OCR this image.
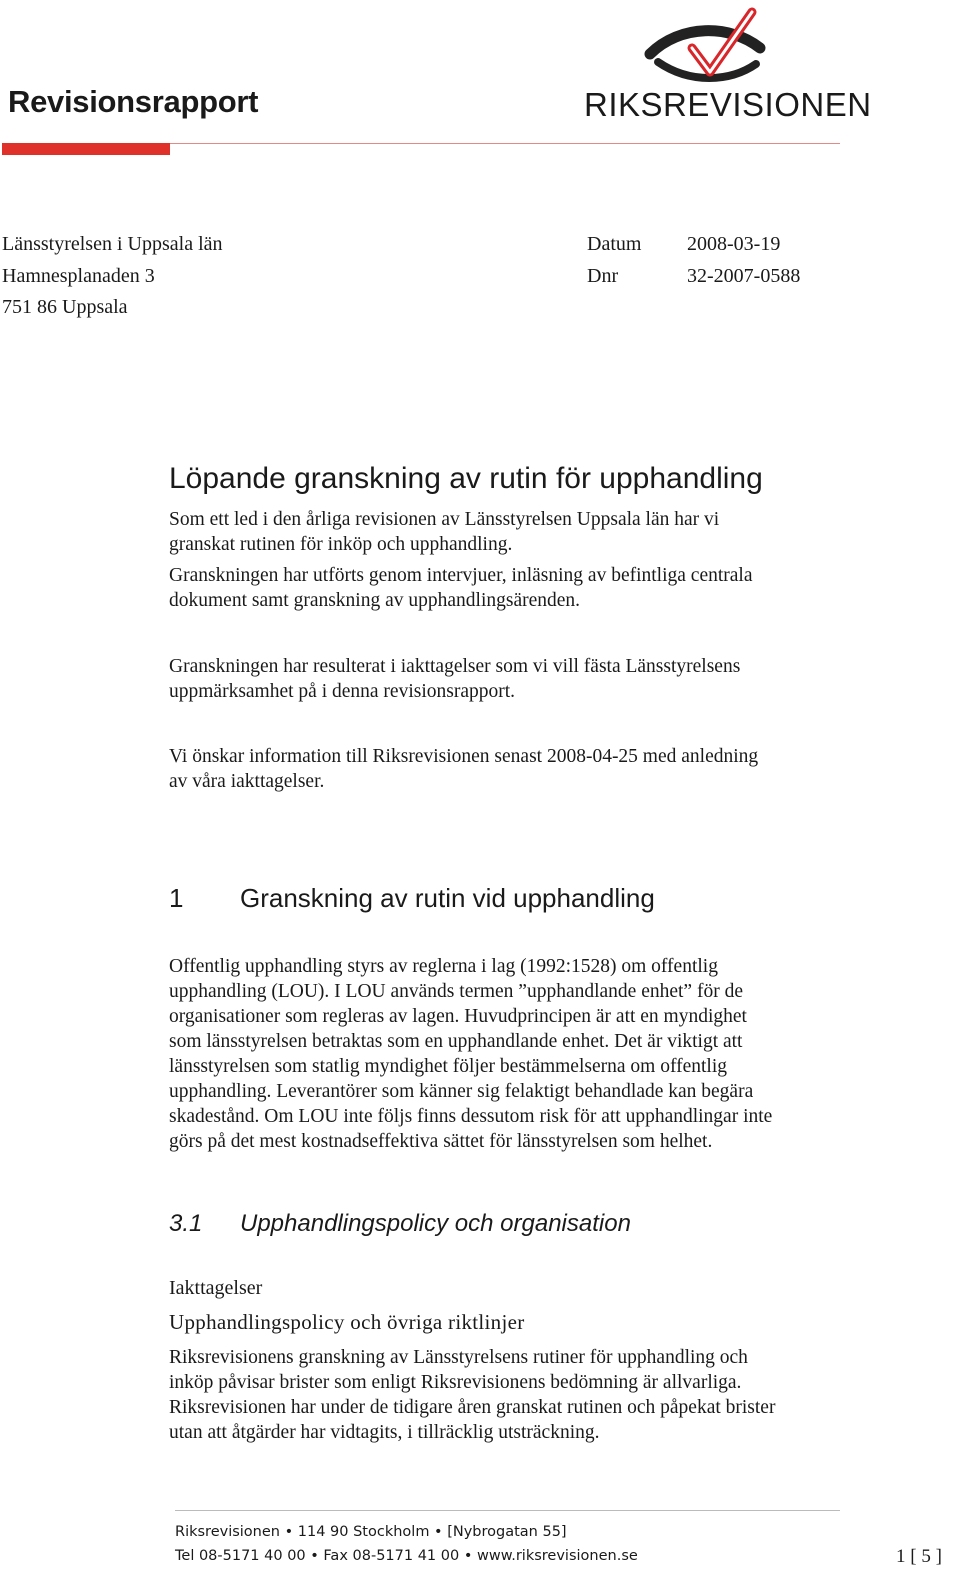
Revisionsrapport	RIKSREVISIONEN
Länsstyrelsen i Uppsala län
Hamnesplanaden 3
751 86 Uppsala
Datum 2008-03-19
Dnr	32-2007-0588
Löpande granskning av rutin för upphandling

Som ett led i den årliga revisionen av Länsstyrelsen Uppsala län har vi

granskat rutinen för inköp och upphandling.

Granskningen har utförts genom intervjuer, inläsning av befintliga centrala

dokument samt granskning av upphandlingsärenden.

Granskningen har resulterat i iakttagelser som vi vill fästa Länsstyrelsens

uppmärksamhet på i denna revisionsrapport.

Vi önskar information till Riksrevisionen senast 2008-04-25 med anledning

av våra iakttagelser.

1 Granskning av rutin vid upphandling

Offentlig upphandling styrs av reglerna i lag (1992:1528) om offentlig

upphandling (LOU). I LOU används termen ”upphandlande enhet” för de

organisationer som regleras av lagen. Huvudprincipen är att en myndighet

som länsstyrelsen betraktas som en upphandlande enhet. Det är viktigt att

länsstyrelsen som statlig myndighet följer bestämmelserna om offentlig

upphandling. Leverantörer som känner sig felaktigt behandlade kan begära

skadestånd. Om LOU inte följs finns dessutom risk för att upphandlingar inte

görs på det mest kostnadseffektiva sättet för länsstyrelsen som helhet.

3.1 Upphandlingspolicy och organisation
Iakttagelser
Upphandlingspolicy och övriga riktlinjer

Riksrevisionens granskning av Länsstyrelsens rutiner för upphandling och

inköp påvisar brister som enligt Riksrevisionens bedömning är allvarliga.

Riksrevisionen har under de tidigare åren granskat rutinen och påpekat brister

utan att åtgärder har vidtagits, i tillräcklig utsträckning.

Riksrevisionen • 114 90 Stockholm • [Nybrogatan 55]
Tel 08-5171 40 00 • Fax 08-5171 41 00 • www.riksrevisionen.se	1 [ 5 ]
